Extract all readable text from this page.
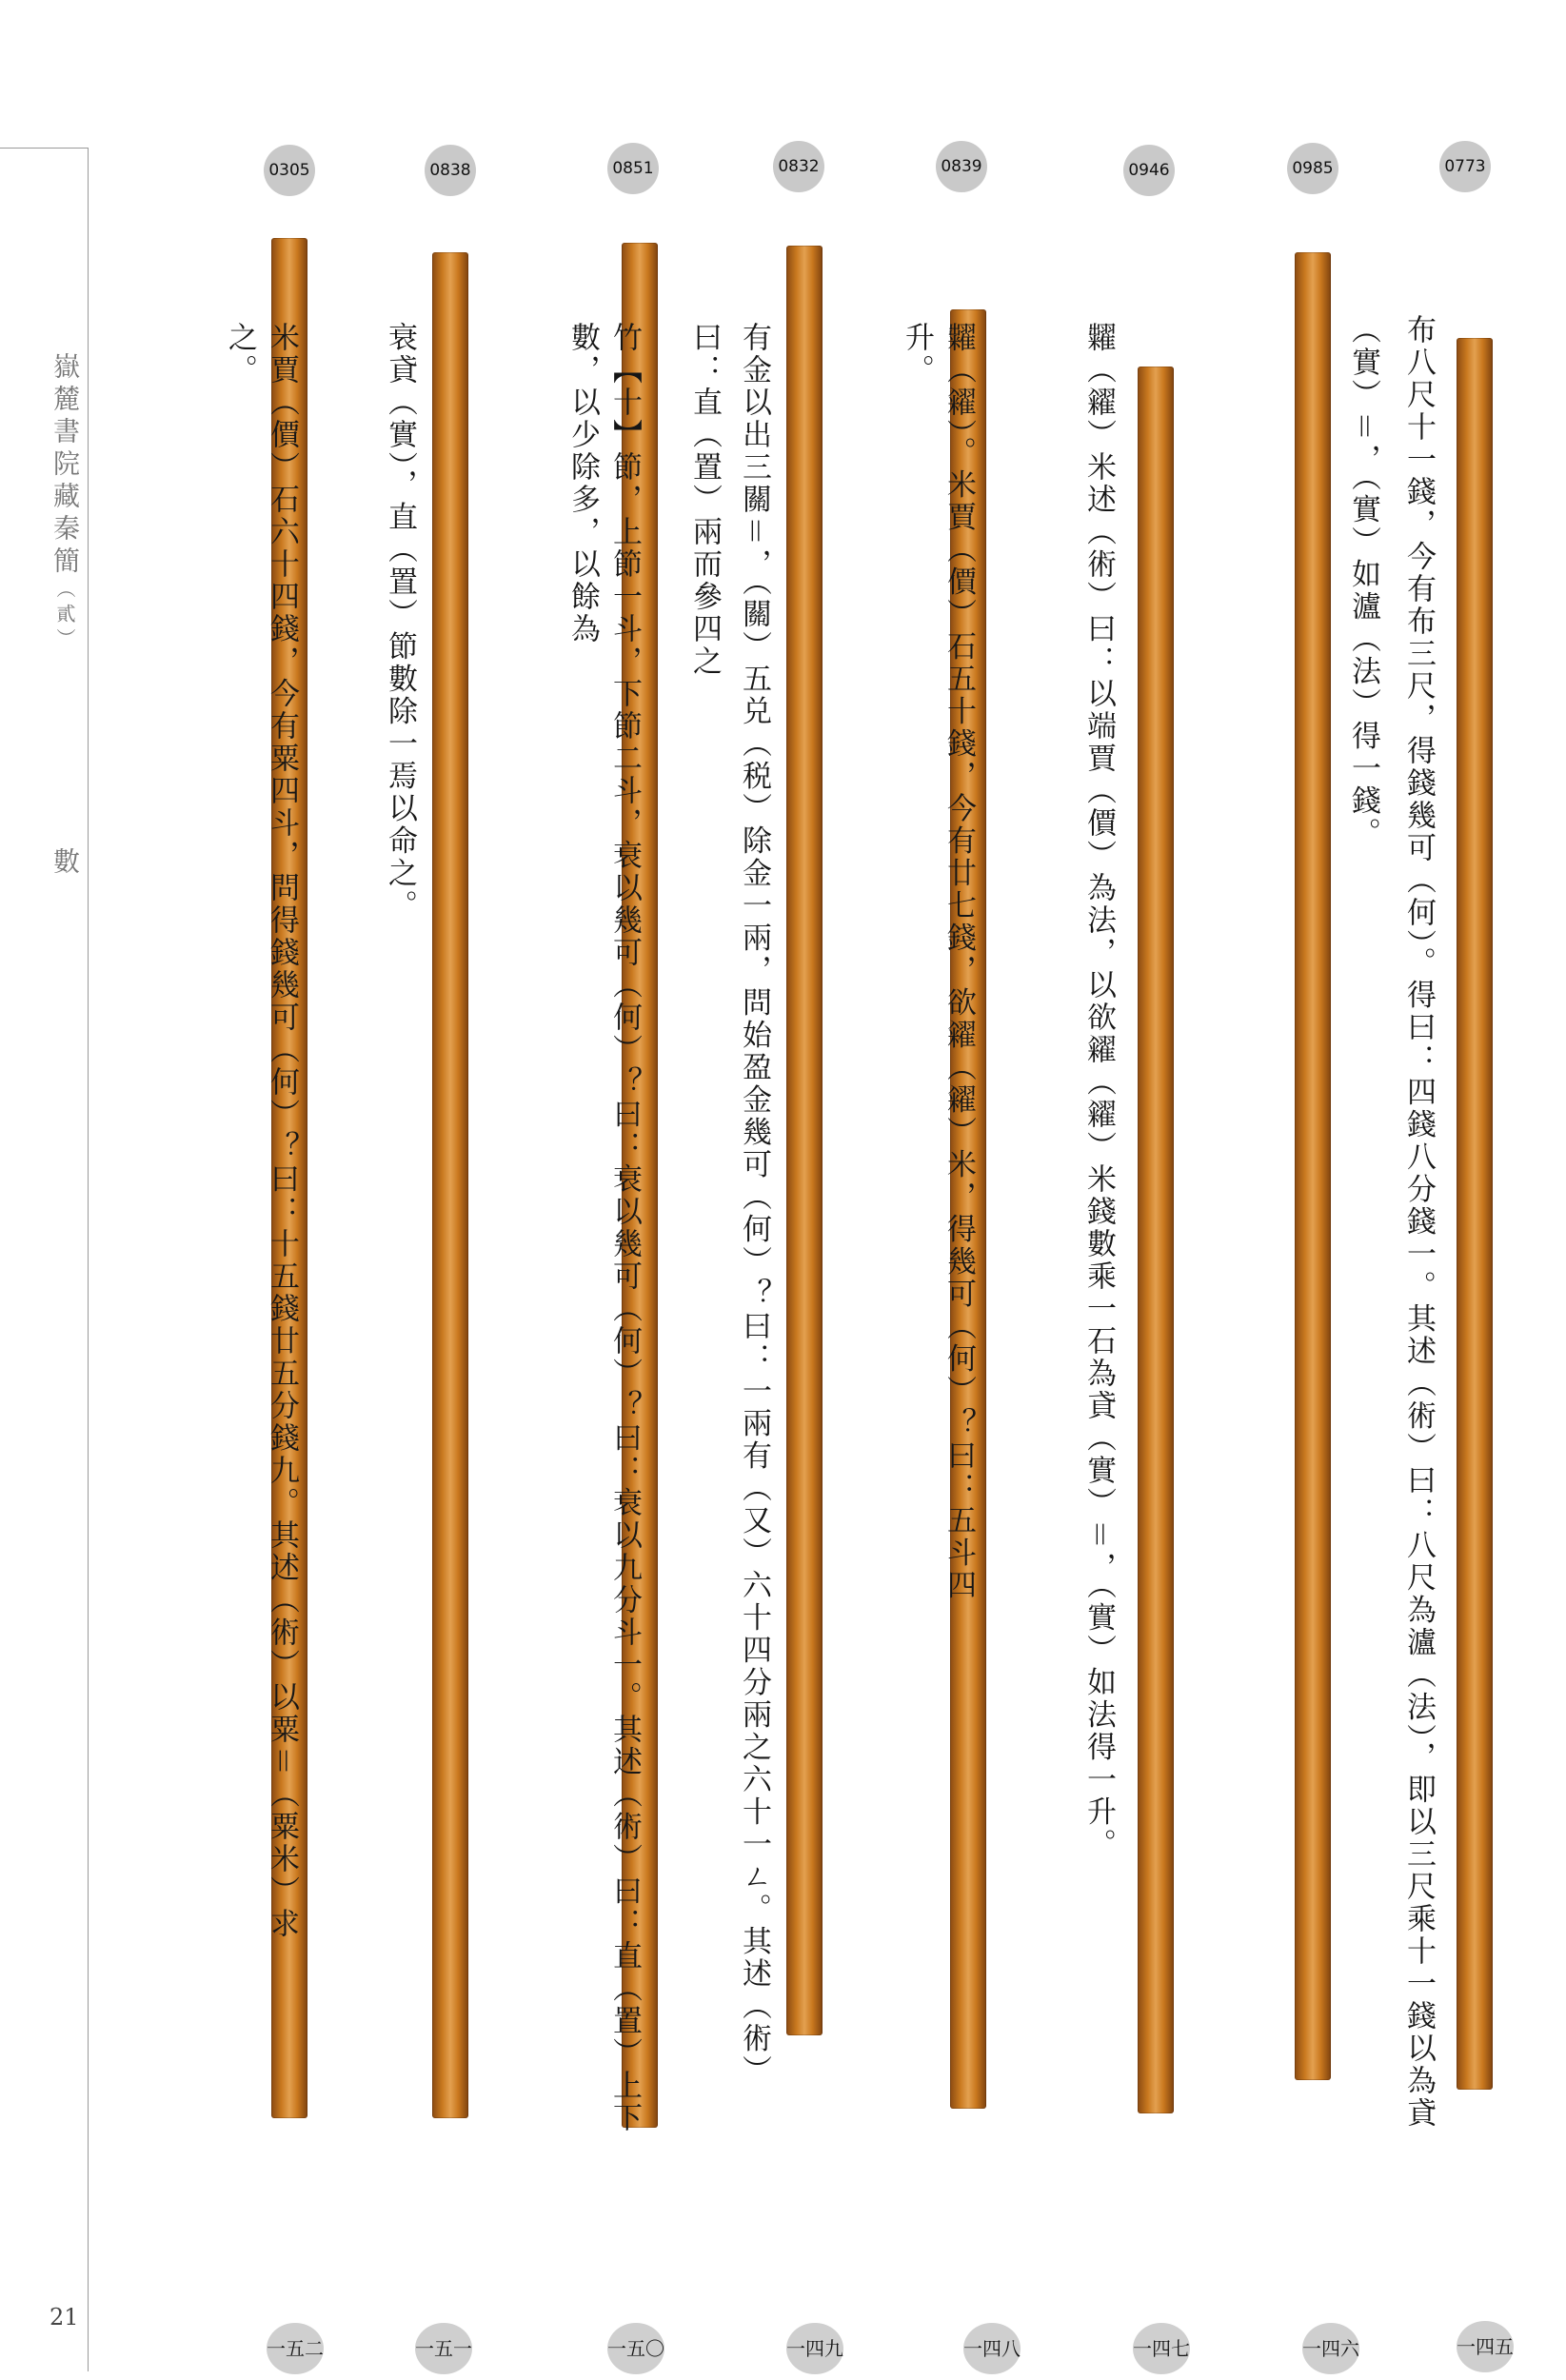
嶽麓書院藏秦簡（貳）
數
21
0773
布八尺十一錢，今有布三尺，得錢幾可（何）。得曰：四錢八分錢一。其述（術）曰：八尺為瀘（法），即以三尺乘十一錢以為貣
一四五
0985
（實）＝，（實）如瀘（法）得一錢。
一四六
0946
糶（糴）米述（術）曰：以端賈（價）為法，以欲糴（糴）米錢數乘一石為貣（實）＝，（實）如法得一升。
一四七
0839
糶（糴）。米賈（價）石五十錢，今有廿七錢，欲糴（糴）米，得幾可（何）？曰：五斗四升。
一四八
0832
有金以出三關＝，（關）五兑（税）除金一兩，問始盈金幾可（何）？曰：一兩有（又）六十四分兩之六十一ㄥ。其述（術）
曰：直（置）兩而參四之
一四九
0851
竹【十】節，上節一斗，下節二斗，衰以幾可（何）？曰：衰以幾可（何）？曰：衰以九分斗一。其述（術）曰：直（置）上下數，以少除多，以餘為
一五〇
0838
衰貣（實），直（置）節數除一焉以命之。
一五一
0305
米賈（價）石六十四錢，今有粟四斗，問得錢幾可（何）？曰：十五錢廿五分錢九。其述（術）以粟＝（粟米）求之。
一五二
